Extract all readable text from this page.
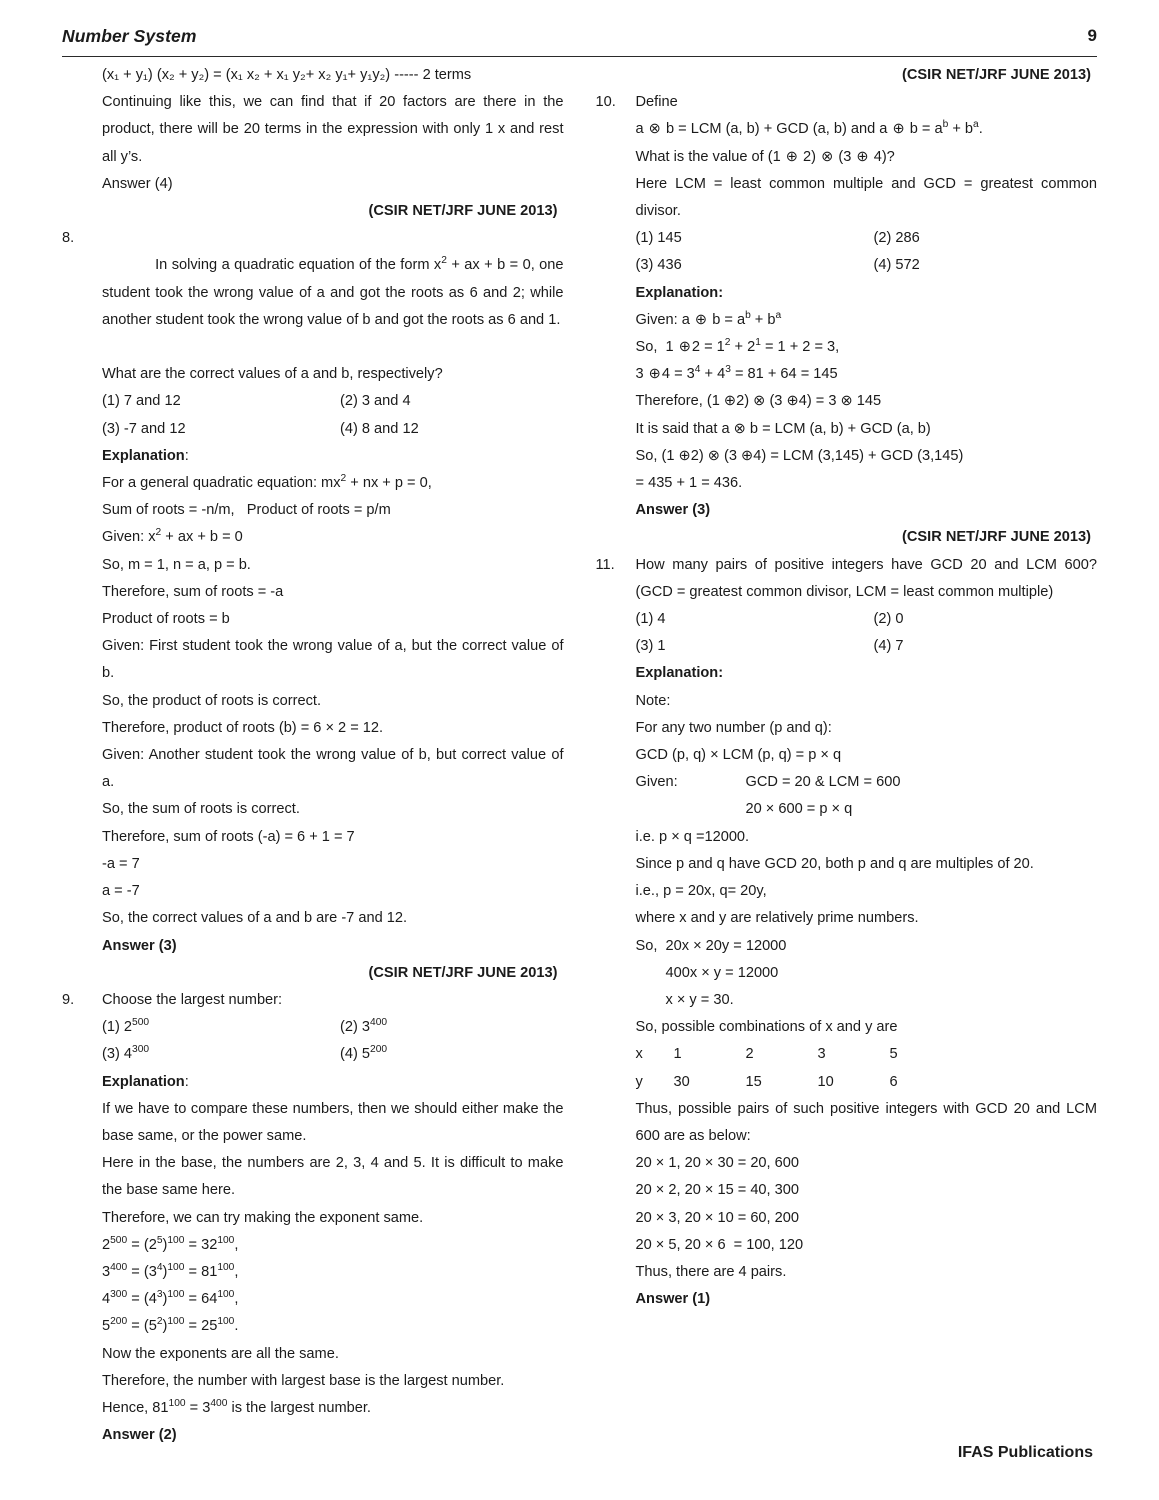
Number System	9
(x₁ + y₁) (x₂ + y₂) = (x₁ x₂ + x₁ y₂+ x₂ y₁+ y₁y₂) ----- 2 terms
Continuing like this, we can find that if 20 factors are there in the product, there will be 20 terms in the expression with only 1 x and rest all y’s.
Answer (4)
(CSIR NET/JRF JUNE 2013)
8.

In solving a quadratic equation of the form $x^2$ + ax + b = 0, one student took the wrong value of a and got the roots as 6 and 2; while another student took the wrong value of b and got the roots as 6 and 1.

What are the correct values of a and b, respectively?
(1) 7 and 12	(2) 3 and 4
(3) -7 and 12	(4) 8 and 12
Explanation:
For a general quadratic equation: $mx^2$ + nx + p = 0,
Sum of roots = -n/m,   Product of roots = p/m
Given: $x^2$ + ax + b = 0
So, m = 1, n = a, p = b.
Therefore, sum of roots = -a
Product of roots = b
Given: First student took the wrong value of a, but the correct value of b.
So, the product of roots is correct.
Therefore, product of roots (b) = 6 × 2 = 12.
Given: Another student took the wrong value of b, but correct value of a.
So, the sum of roots is correct.
Therefore, sum of roots (-a) = 6 + 1 = 7
-a = 7
a = -7
So, the correct values of a and b are -7 and 12.
Answer (3)
(CSIR NET/JRF JUNE 2013)
9.	Choose the largest number:
(1) $2^{500}$	(2) $3^{400}$
(3) $4^{300}$	(4) $5^{200}$
Explanation:
If we have to compare these numbers, then we should either make the base same, or the power same.
Here in the base, the numbers are 2, 3, 4 and 5. It is difficult to make the base same here.
Therefore, we can try making the exponent same.
$2^{500} = (2^5)^{100} = 32^{100}$,
$3^{400} = (3^4)^{100} = 81^{100}$,
$4^{300} = (4^3)^{100} = 64^{100}$,
$5^{200} = (5^2)^{100} = 25^{100}$.
Now the exponents are all the same.
Therefore, the number with largest base is the largest number.
Hence, $81^{100} = 3^{400}$ is the largest number.
Answer (2)
(CSIR NET/JRF JUNE 2013)
10.	Define
a ⊗ b = LCM (a, b) + GCD (a, b) and a ⊕ $b = a^b + b^a$.
What is the value of (1 ⊕ 2) ⊗ (3 ⊕ 4)?
Here LCM = least common multiple and GCD = greatest common divisor.
(1) 145	(2) 286
(3) 436	(4) 572
Explanation:
Given: a ⊕ $b = a^b + b^a$
So,  1 ⊕2 = $1^2 + 2^1 = 1 + 2 = 3$,
3 ⊕4 = $3^4 + 4^3 = 81 + 64 = 145$
Therefore, (1 ⊕2) ⊗ (3 ⊕4) = 3 ⊗ 145
It is said that a ⊗ b = LCM (a, b) + GCD (a, b)
So, (1 ⊕2) ⊗ (3 ⊕4) = LCM (3,145) + GCD (3,145)
= 435 + 1 = 436.
Answer (3)
(CSIR NET/JRF JUNE 2013)
11.	How many pairs of positive integers have GCD 20 and LCM 600? (GCD = greatest common divisor, LCM = least common multiple)
(1) 4	(2) 0
(3) 1	(4) 7
Explanation:
Note:
For any two number (p and q):
GCD (p, q) × LCM (p, q) = p × q
Given:	GCD = 20 & LCM = 600
20 × 600 = p × q
i.e. p × q =12000.
Since p and q have GCD 20, both p and q are multiples of 20.
i.e., p = 20x, q= 20y,
where x and y are relatively prime numbers.
So,  20x × 20y = 12000
400x × y = 12000
x × y = 30.
So, possible combinations of x and y are
x	1	2	3	5
y	30	15	10	6
Thus, possible pairs of such positive integers with GCD 20 and LCM 600 are as below:
20 × 1, 20 × 30 = 20, 600
20 × 2, 20 × 15 = 40, 300
20 × 3, 20 × 10 = 60, 200
20 × 5, 20 × 6  = 100, 120
Thus, there are 4 pairs.
Answer (1)
IFAS Publications
